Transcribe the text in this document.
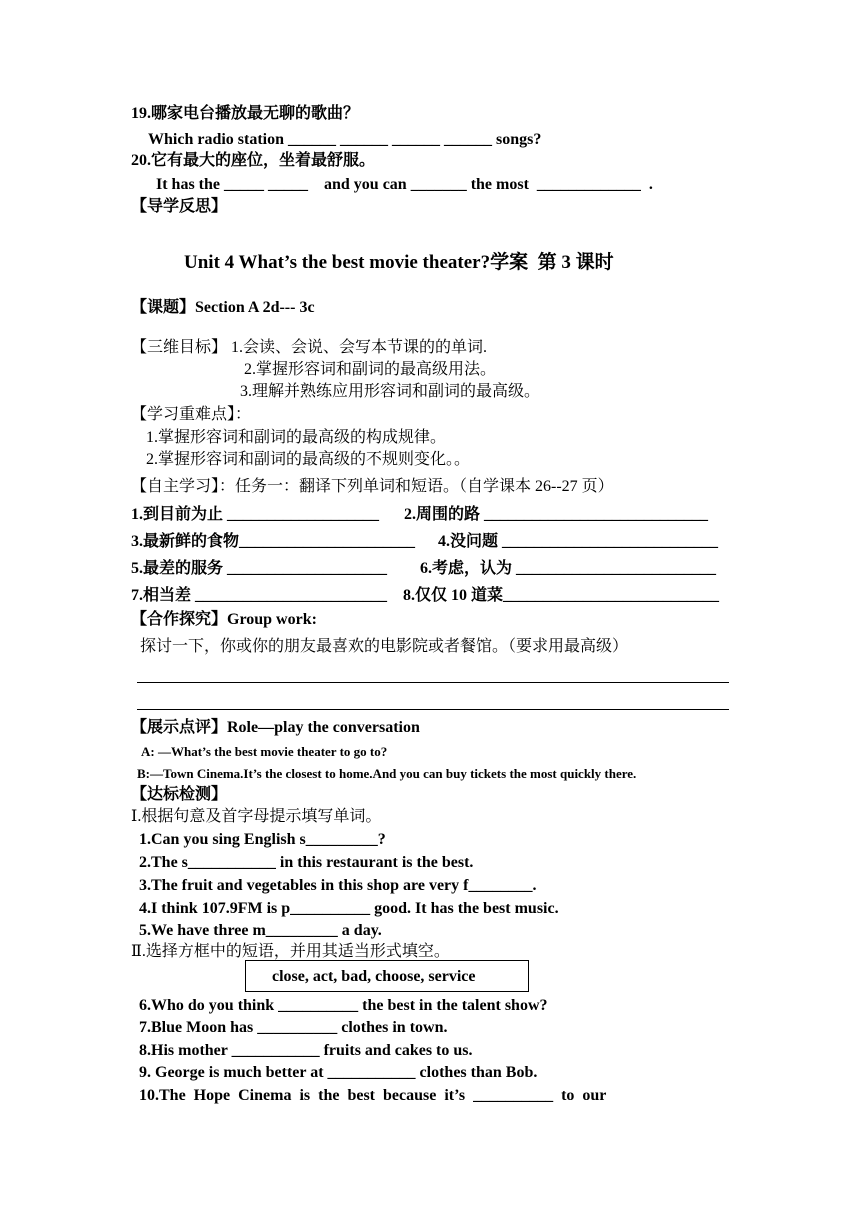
19.哪家电台播放最无聊的歌曲？
Which radio station ______ ______ ______ ______ songs?
20.它有最大的座位，坐着最舒服。
It has the _____ _____    and you can _______ the most  _____________  .
【导学反思】
Unit 4 What’s the best movie theater?学案  第 3 课时
【课题】Section A 2d--- 3c
【三维目标】 1.会读、会说、会写本节课的的单词.
2.掌握形容词和副词的最高级用法。
3.理解并熟练应用形容词和副词的最高级。
【学习重难点】：
1.掌握形容词和副词的最高级的构成规律。
2.掌握形容词和副词的最高级的不规则变化。。
【自主学习】：任务一：翻译下列单词和短语。（自学课本 26--27 页）
1.到目前为止 ___________________ 2.周围的路 ____________________________
3.最新鲜的食物______________________ 4.没问题 ___________________________
5.最差的服务 ____________________ 6.考虑，认为 _________________________
7.相当差 ________________________ 8.仅仅 10 道菜___________________________
【合作探究】Group work:
探讨一下，你或你的朋友最喜欢的电影院或者餐馆。（要求用最高级）
【展示点评】Role—play the conversation
A: —What’s the best movie theater to go to?
B:—Town Cinema.It’s the closest to home.And you can buy tickets the most quickly there.
【达标检测】
Ⅰ.根据句意及首字母提示填写单词。
1.Can you sing English s_________?
2.The s___________ in this restaurant is the best.
3.The fruit and vegetables in this shop are very f________.
4.I think 107.9FM is p__________ good. It has the best music.
5.We have three m_________ a day.
Ⅱ.选择方框中的短语，并用其适当形式填空。
close, act, bad, choose, service
6.Who do you think __________ the best in the talent show?
7.Blue Moon has __________ clothes in town.
8.His mother ___________ fruits and cakes to us.
9. George is much better at ___________ clothes than Bob.
10.The  Hope  Cinema  is  the  best  because  it’s  __________  to  our
